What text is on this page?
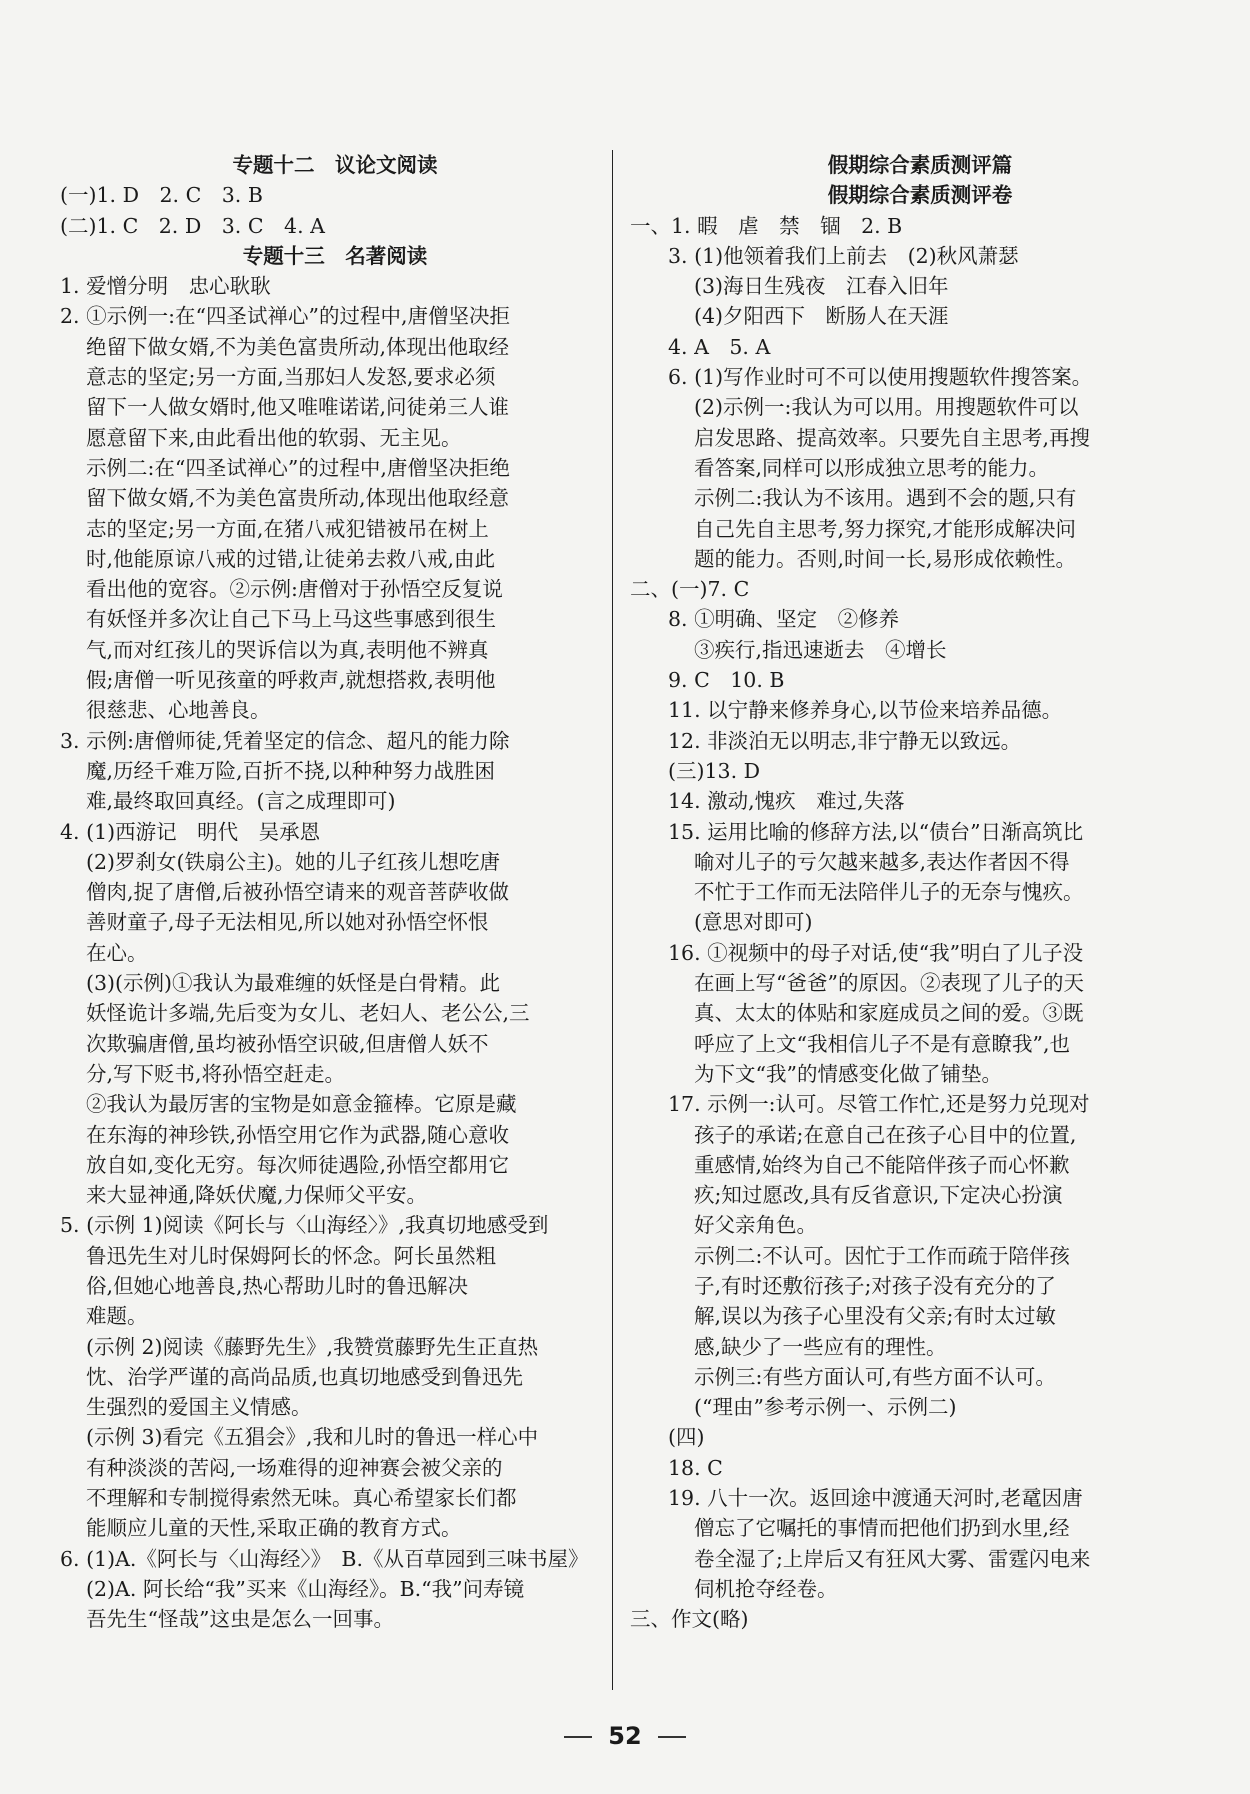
专题十二　议论文阅读
(一)1. D　2. C　3. B
(二)1. C　2. D　3. C　4. A
专题十三　名著阅读
1. 爱憎分明　忠心耿耿
2. ①示例一:在“四圣试禅心”的过程中,唐僧坚决拒
绝留下做女婿,不为美色富贵所动,体现出他取经
意志的坚定;另一方面,当那妇人发怒,要求必须
留下一人做女婿时,他又唯唯诺诺,问徒弟三人谁
愿意留下来,由此看出他的软弱、无主见。
示例二:在“四圣试禅心”的过程中,唐僧坚决拒绝
留下做女婿,不为美色富贵所动,体现出他取经意
志的坚定;另一方面,在猪八戒犯错被吊在树上
时,他能原谅八戒的过错,让徒弟去救八戒,由此
看出他的宽容。②示例:唐僧对于孙悟空反复说
有妖怪并多次让自己下马上马这些事感到很生
气,而对红孩儿的哭诉信以为真,表明他不辨真
假;唐僧一听见孩童的呼救声,就想搭救,表明他
很慈悲、心地善良。
3. 示例:唐僧师徒,凭着坚定的信念、超凡的能力除
魔,历经千难万险,百折不挠,以种种努力战胜困
难,最终取回真经。(言之成理即可)
4. (1)西游记　明代　吴承恩
(2)罗刹女(铁扇公主)。她的儿子红孩儿想吃唐
僧肉,捉了唐僧,后被孙悟空请来的观音菩萨收做
善财童子,母子无法相见,所以她对孙悟空怀恨
在心。
(3)(示例)①我认为最难缠的妖怪是白骨精。此
妖怪诡计多端,先后变为女儿、老妇人、老公公,三
次欺骗唐僧,虽均被孙悟空识破,但唐僧人妖不
分,写下贬书,将孙悟空赶走。
②我认为最厉害的宝物是如意金箍棒。它原是藏
在东海的神珍铁,孙悟空用它作为武器,随心意收
放自如,变化无穷。每次师徒遇险,孙悟空都用它
来大显神通,降妖伏魔,力保师父平安。
5. (示例 1)阅读《阿长与〈山海经〉》,我真切地感受到
鲁迅先生对儿时保姆阿长的怀念。阿长虽然粗
俗,但她心地善良,热心帮助儿时的鲁迅解决
难题。
(示例 2)阅读《藤野先生》,我赞赏藤野先生正直热
忱、治学严谨的高尚品质,也真切地感受到鲁迅先
生强烈的爱国主义情感。
(示例 3)看完《五猖会》,我和儿时的鲁迅一样心中
有种淡淡的苦闷,一场难得的迎神赛会被父亲的
不理解和专制搅得索然无味。真心希望家长们都
能顺应儿童的天性,采取正确的教育方式。
6. (1)A.《阿长与〈山海经〉》　B.《从百草园到三味书屋》
(2)A. 阿长给“我”买来《山海经》。B.“我”问寿镜
吾先生“怪哉”这虫是怎么一回事。
假期综合素质测评篇
假期综合素质测评卷
一、1. 暇　虐　禁　锢　2. B
3. (1)他领着我们上前去　(2)秋风萧瑟
(3)海日生残夜　江春入旧年
(4)夕阳西下　断肠人在天涯
4. A　5. A
6. (1)写作业时可不可以使用搜题软件搜答案。
(2)示例一:我认为可以用。用搜题软件可以
启发思路、提高效率。只要先自主思考,再搜
看答案,同样可以形成独立思考的能力。
示例二:我认为不该用。遇到不会的题,只有
自己先自主思考,努力探究,才能形成解决问
题的能力。否则,时间一长,易形成依赖性。
二、(一)7. C
8. ①明确、坚定　②修养
③疾行,指迅速逝去　④增长
9. C　10. B
11. 以宁静来修养身心,以节俭来培养品德。
12. 非淡泊无以明志,非宁静无以致远。
(三)13. D
14. 激动,愧疚　难过,失落
15. 运用比喻的修辞方法,以“债台”日渐高筑比
喻对儿子的亏欠越来越多,表达作者因不得
不忙于工作而无法陪伴儿子的无奈与愧疚。
(意思对即可)
16. ①视频中的母子对话,使“我”明白了儿子没
在画上写“爸爸”的原因。②表现了儿子的天
真、太太的体贴和家庭成员之间的爱。③既
呼应了上文“我相信儿子不是有意瞭我”,也
为下文“我”的情感变化做了铺垫。
17. 示例一:认可。尽管工作忙,还是努力兑现对
孩子的承诺;在意自己在孩子心目中的位置,
重感情,始终为自己不能陪伴孩子而心怀歉
疚;知过愿改,具有反省意识,下定决心扮演
好父亲角色。
示例二:不认可。因忙于工作而疏于陪伴孩
子,有时还敷衍孩子;对孩子没有充分的了
解,误以为孩子心里没有父亲;有时太过敏
感,缺少了一些应有的理性。
示例三:有些方面认可,有些方面不认可。
(“理由”参考示例一、示例二)
(四)
18. C
19. 八十一次。返回途中渡通天河时,老鼋因唐
僧忘了它嘱托的事情而把他们扔到水里,经
卷全湿了;上岸后又有狂风大雾、雷霆闪电来
伺机抢夺经卷。
三、作文(略)
52
